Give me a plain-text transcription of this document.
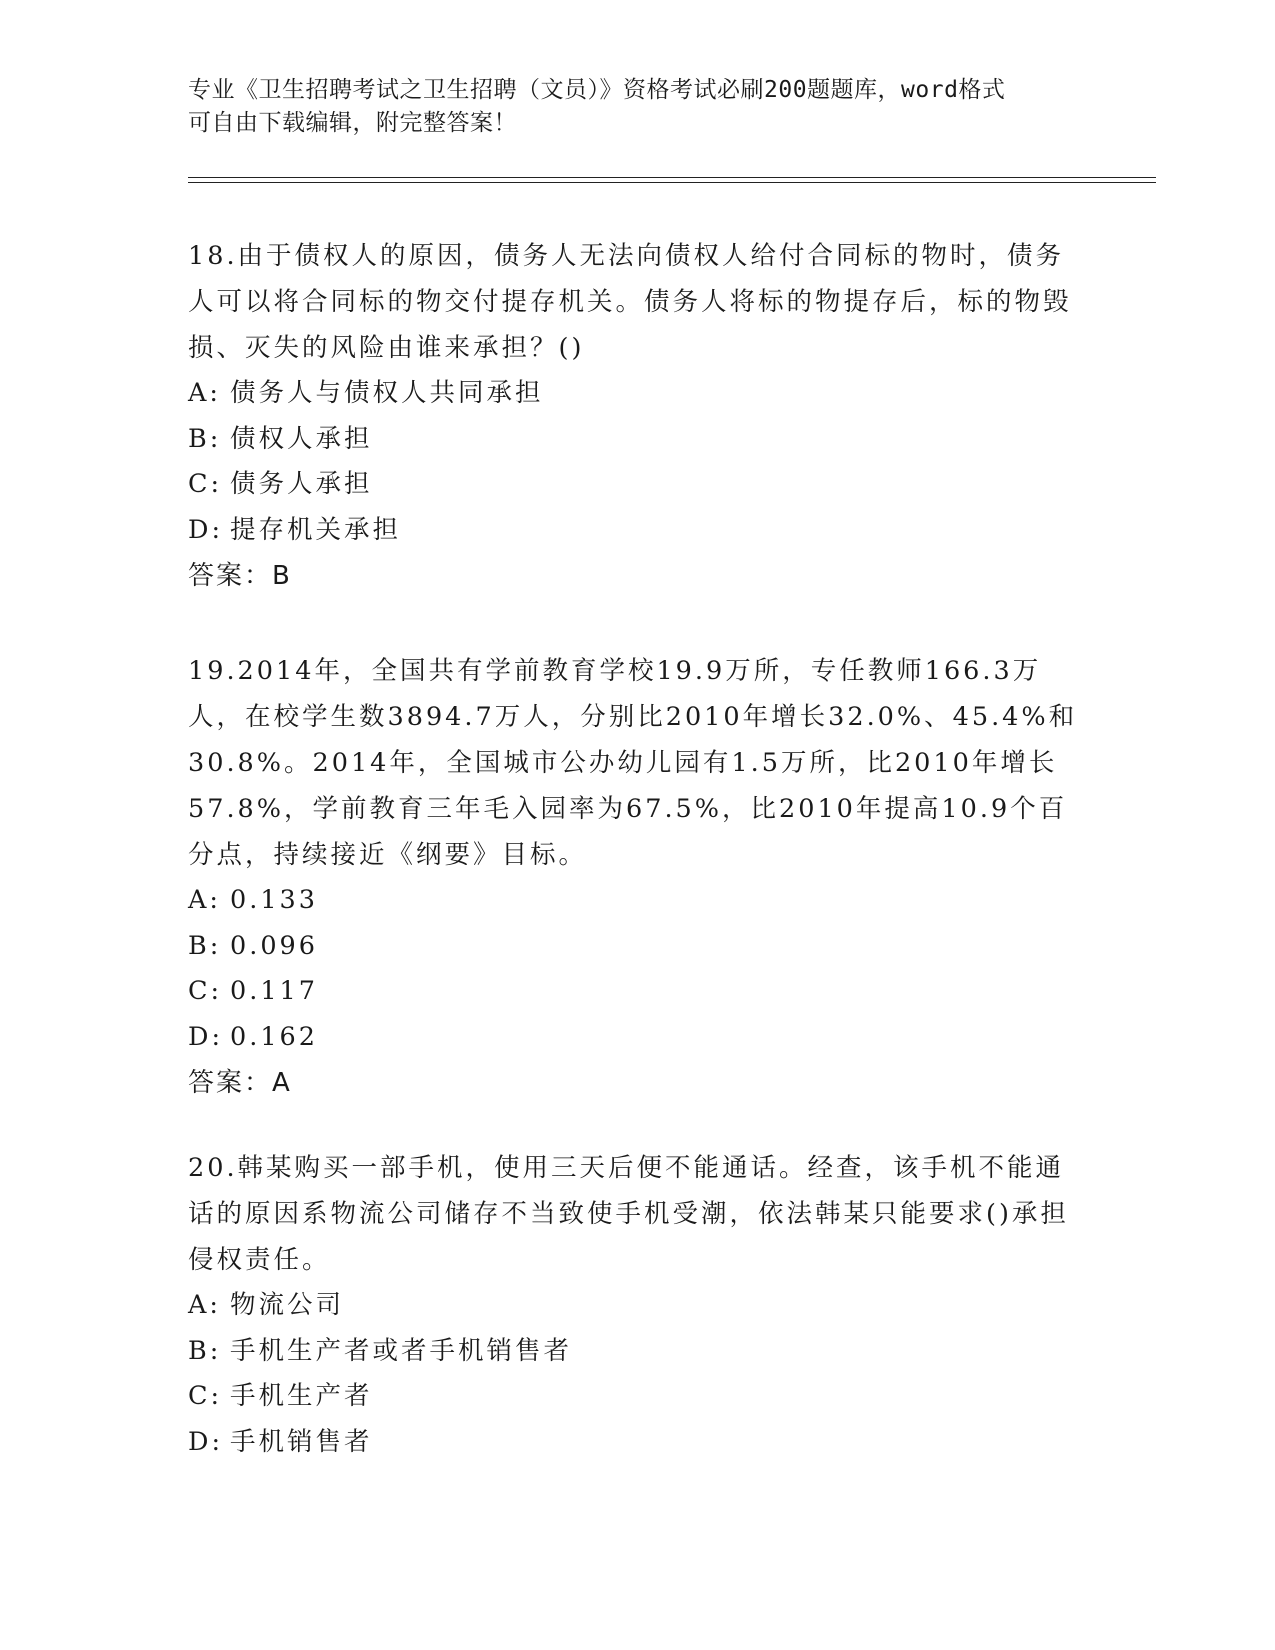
专业《卫生招聘考试之卫生招聘（文员）》资格考试必刷200题题库，word格式
可自由下载编辑，附完整答案！

18.由于债权人的原因，债务人无法向债权人给付合同标的物时，债务人可以将合同标的物交付提存机关。债务人将标的物提存后，标的物毁损、灭失的风险由谁来承担？()

A: 债务人与债权人共同承担
B: 债权人承担
C: 债务人承担
D: 提存机关承担

答案：B

19.2014年，全国共有学前教育学校19.9万所，专任教师166.3万人，在校学生数3894.7万人，分别比2010年增长32.0%、45.4%和30.8%。2014年，全国城市公办幼儿园有1.5万所，比2010年增长57.8%，学前教育三年毛入园率为67.5%，比2010年提高10.9个百分点，持续接近《纲要》目标。

A: 0.133
B: 0.096
C: 0.117
D: 0.162

答案：A

20.韩某购买一部手机，使用三天后便不能通话。经查，该手机不能通话的原因系物流公司储存不当致使手机受潮，依法韩某只能要求()承担侵权责任。

A: 物流公司
B: 手机生产者或者手机销售者
C: 手机生产者
D: 手机销售者
